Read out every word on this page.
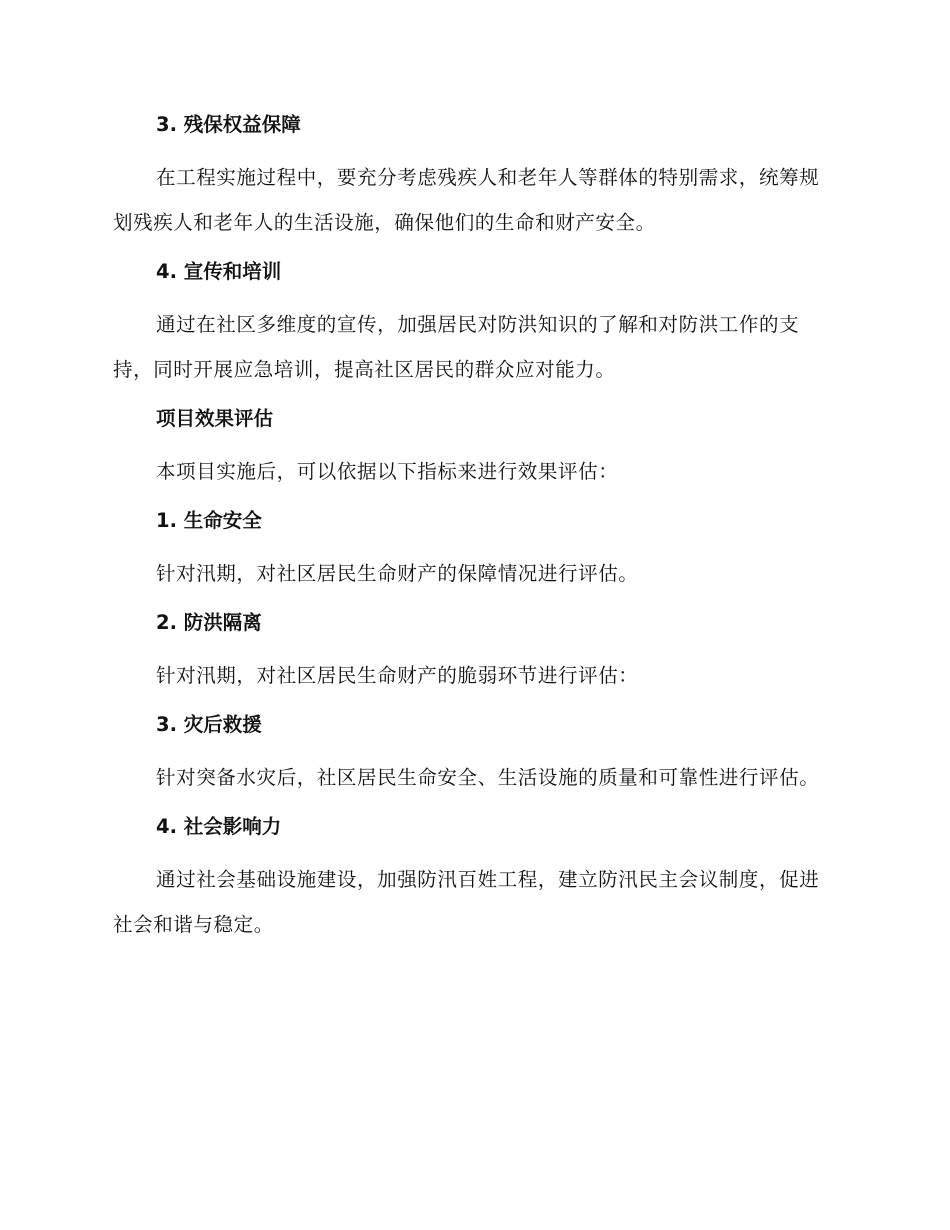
3. 残保权益保障

在工程实施过程中，要充分考虑残疾人和老年人等群体的特别需求，统筹规划残疾人和老年人的生活设施，确保他们的生命和财产安全。

4. 宣传和培训

通过在社区多维度的宣传，加强居民对防洪知识的了解和对防洪工作的支持，同时开展应急培训，提高社区居民的群众应对能力。

项目效果评估

本项目实施后，可以依据以下指标来进行效果评估：

1. 生命安全

针对汛期，对社区居民生命财产的保障情况进行评估。

2. 防洪隔离

针对汛期，对社区居民生命财产的脆弱环节进行评估：

3. 灾后救援

针对突备水灾后，社区居民生命安全、生活设施的质量和可靠性进行评估。

4. 社会影响力

通过社会基础设施建设，加强防汛百姓工程，建立防汛民主会议制度，促进社会和谐与稳定。
